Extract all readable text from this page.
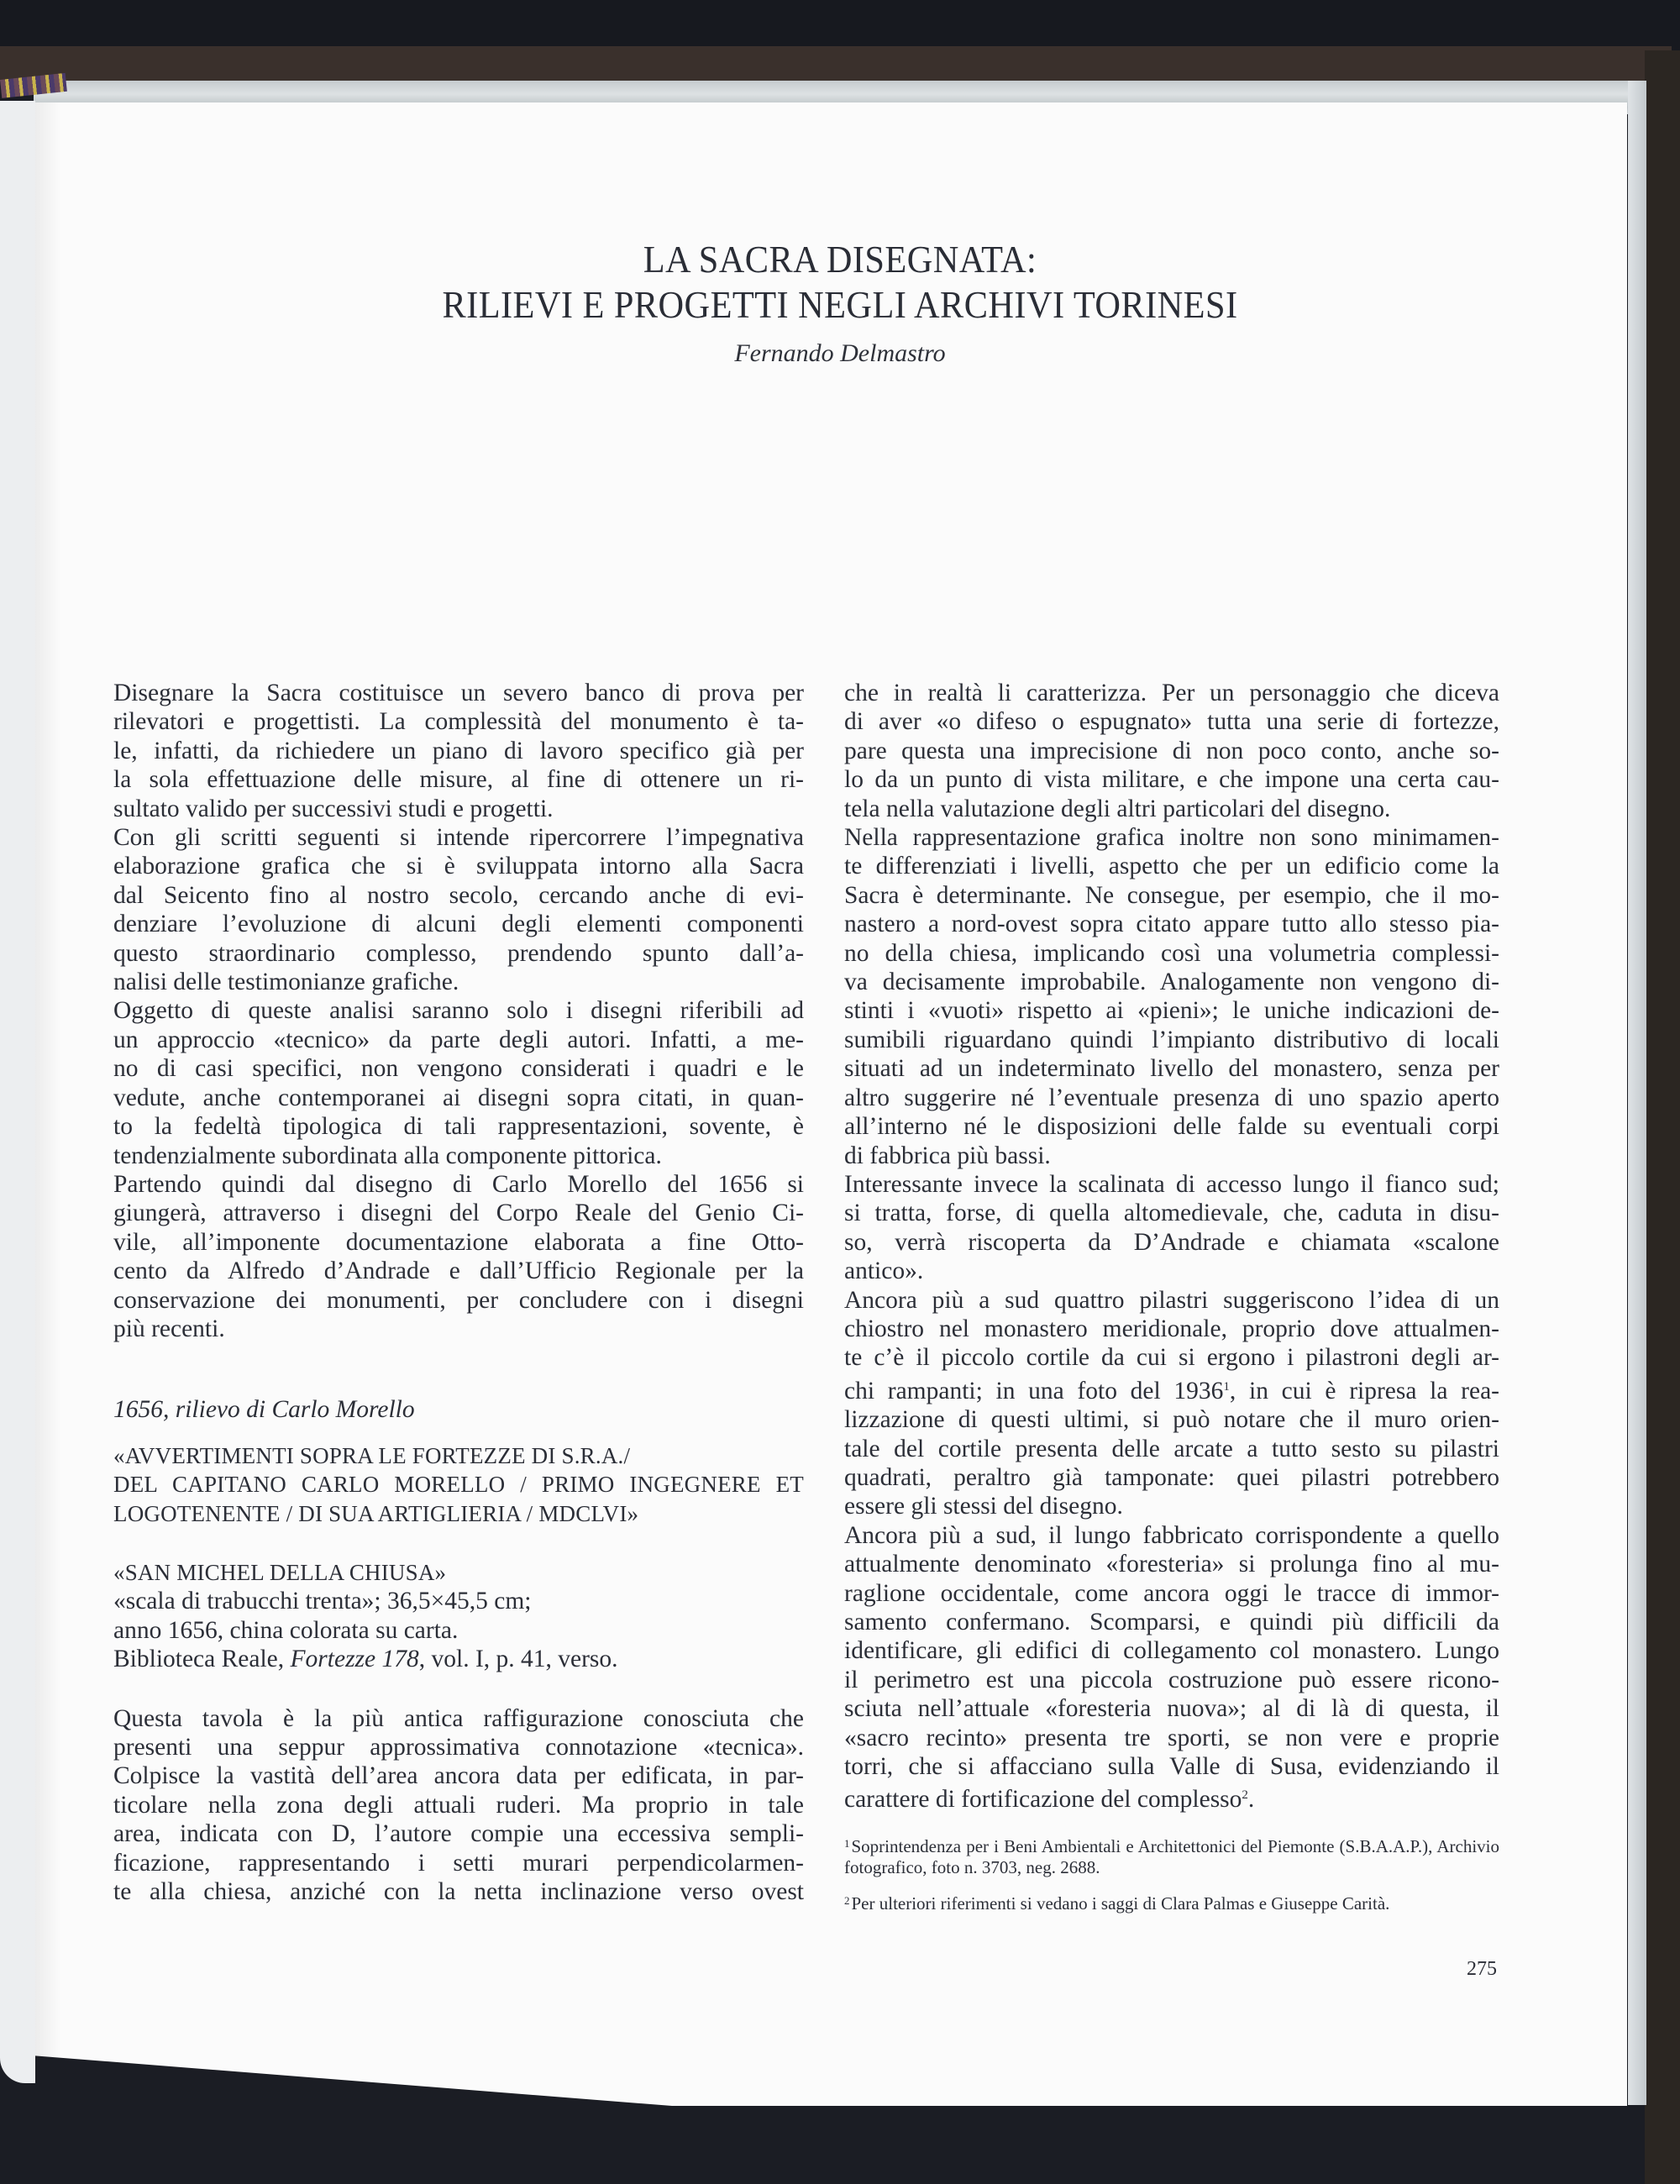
LA SACRA DISEGNATA:
RILIEVI E PROGETTI NEGLI ARCHIVI TORINESI
Fernando Delmastro

Disegnare la Sacra costituisce un severo banco di prova per
rilevatori e progettisti. La complessità del monumento è ta-
le, infatti, da richiedere un piano di lavoro specifico già per
la sola effettuazione delle misure, al fine di ottenere un ri-
sultato valido per successivi studi e progetti.

Con gli scritti seguenti si intende ripercorrere l’impegnativa
elaborazione grafica che si è sviluppata intorno alla Sacra
dal Seicento fino al nostro secolo, cercando anche di evi-
denziare l’evoluzione di alcuni degli elementi componenti
questo straordinario complesso, prendendo spunto dall’a-
nalisi delle testimonianze grafiche.

Oggetto di queste analisi saranno solo i disegni riferibili ad
un approccio «tecnico» da parte degli autori. Infatti, a me-
no di casi specifici, non vengono considerati i quadri e le
vedute, anche contemporanei ai disegni sopra citati, in quan-
to la fedeltà tipologica di tali rappresentazioni, sovente, è
tendenzialmente subordinata alla componente pittorica.

Partendo quindi dal disegno di Carlo Morello del 1656 si
giungerà, attraverso i disegni del Corpo Reale del Genio Ci-
vile, all’imponente documentazione elaborata a fine Otto-
cento da Alfredo d’Andrade e dall’Ufficio Regionale per la
conservazione dei monumenti, per concludere con i disegni
più recenti.

1656, rilievo di Carlo Morello

«AVVERTIMENTI SOPRA LE FORTEZZE DI S.R.A./
DEL CAPITANO CARLO MORELLO / PRIMO INGEGNERE ET
LOGOTENENTE / DI SUA ARTIGLIERIA / MDCLVI»

«SAN MICHEL DELLA CHIUSA»
«scala di trabucchi trenta»; 36,5×45,5 cm;
anno 1656, china colorata su carta.
Biblioteca Reale, Fortezze 178, vol. I, p. 41, verso.

Questa tavola è la più antica raffigurazione conosciuta che
presenti una seppur approssimativa connotazione «tecnica».
Colpisce la vastità dell’area ancora data per edificata, in par-
ticolare nella zona degli attuali ruderi. Ma proprio in tale
area, indicata con D, l’autore compie una eccessiva sempli-
ficazione, rappresentando i setti murari perpendicolarmen-
te alla chiesa, anziché con la netta inclinazione verso ovest

che in realtà li caratterizza. Per un personaggio che diceva
di aver «o difeso o espugnato» tutta una serie di fortezze,
pare questa una imprecisione di non poco conto, anche so-
lo da un punto di vista militare, e che impone una certa cau-
tela nella valutazione degli altri particolari del disegno.

Nella rappresentazione grafica inoltre non sono minimamen-
te differenziati i livelli, aspetto che per un edificio come la
Sacra è determinante. Ne consegue, per esempio, che il mo-
nastero a nord-ovest sopra citato appare tutto allo stesso pia-
no della chiesa, implicando così una volumetria complessi-
va decisamente improbabile. Analogamente non vengono di-
stinti i «vuoti» rispetto ai «pieni»; le uniche indicazioni de-
sumibili riguardano quindi l’impianto distributivo di locali
situati ad un indeterminato livello del monastero, senza per
altro suggerire né l’eventuale presenza di uno spazio aperto
all’interno né le disposizioni delle falde su eventuali corpi
di fabbrica più bassi.

Interessante invece la scalinata di accesso lungo il fianco sud;
si tratta, forse, di quella altomedievale, che, caduta in disu-
so, verrà riscoperta da D’Andrade e chiamata «scalone
antico».

Ancora più a sud quattro pilastri suggeriscono l’idea di un
chiostro nel monastero meridionale, proprio dove attualmen-
te c’è il piccolo cortile da cui si ergono i pilastroni degli ar-
chi rampanti; in una foto del 1936$^1$, in cui è ripresa la rea-
lizzazione di questi ultimi, si può notare che il muro orien-
tale del cortile presenta delle arcate a tutto sesto su pilastri
quadrati, peraltro già tamponate: quei pilastri potrebbero
essere gli stessi del disegno.

Ancora più a sud, il lungo fabbricato corrispondente a quello
attualmente denominato «foresteria» si prolunga fino al mu-
raglione occidentale, come ancora oggi le tracce di immor-
samento confermano. Scomparsi, e quindi più difficili da
identificare, gli edifici di collegamento col monastero. Lungo
il perimetro est una piccola costruzione può essere ricono-
sciuta nell’attuale «foresteria nuova»; al di là di questa, il
«sacro recinto» presenta tre sporti, se non vere e proprie
torri, che si affacciano sulla Valle di Susa, evidenziando il
carattere di fortificazione del complesso$^2$.

$^1$Soprintendenza per i Beni Ambientali e Architettonici del Piemonte (S.B.A.A.P.), Archivio fotografico, foto n. 3703, neg. 2688.

$^2$Per ulteriori riferimenti si vedano i saggi di Clara Palmas e Giuseppe Carità.

275
